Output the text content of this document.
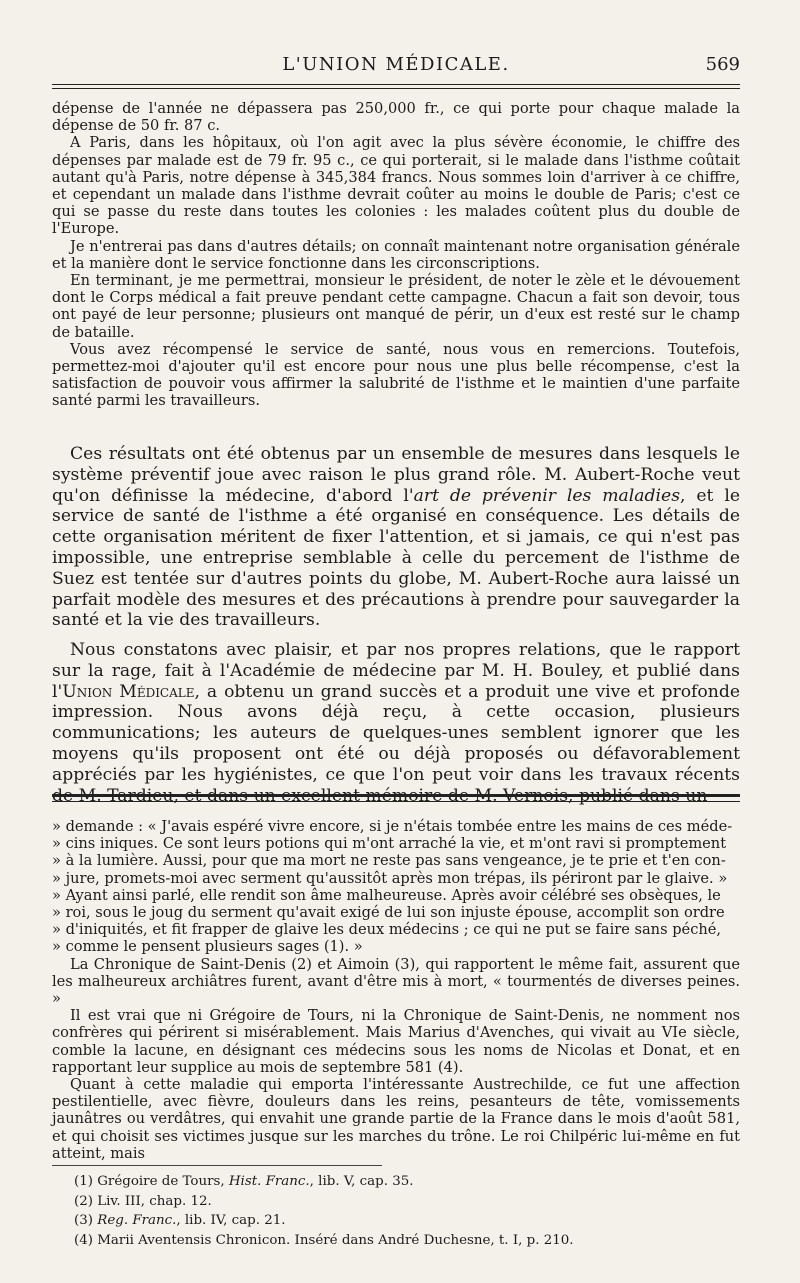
L'UNION MÉDICALE.	569

dépense de l'année ne dépassera pas 250,000 fr., ce qui porte pour chaque malade la dépense de 50 fr. 87 c.

A Paris, dans les hôpitaux, où l'on agit avec la plus sévère économie, le chiffre des dépenses par malade est de 79 fr. 95 c., ce qui porterait, si le malade dans l'isthme coûtait autant qu'à Paris, notre dépense à 345,384 francs. Nous sommes loin d'arriver à ce chiffre, et cependant un malade dans l'isthme devrait coûter au moins le double de Paris; c'est ce qui se passe du reste dans toutes les colonies : les malades coûtent plus du double de l'Europe.

Je n'entrerai pas dans d'autres détails; on connaît maintenant notre organisation générale et la manière dont le service fonctionne dans les circonscriptions.

En terminant, je me permettrai, monsieur le président, de noter le zèle et le dévouement dont le Corps médical a fait preuve pendant cette campagne. Chacun a fait son devoir, tous ont payé de leur personne; plusieurs ont manqué de périr, un d'eux est resté sur le champ de bataille.

Vous avez récompensé le service de santé, nous vous en remercions. Toutefois, permettez-moi d'ajouter qu'il est encore pour nous une plus belle récompense, c'est la satisfaction de pouvoir vous affirmer la salubrité de l'isthme et le maintien d'une parfaite santé parmi les travailleurs.

Ces résultats ont été obtenus par un ensemble de mesures dans lesquels le système préventif joue avec raison le plus grand rôle. M. Aubert-Roche veut qu'on définisse la médecine, d'abord l'art de prévenir les maladies, et le service de santé de l'isthme a été organisé en conséquence. Les détails de cette organisation méritent de fixer l'attention, et si jamais, ce qui n'est pas impossible, une entreprise semblable à celle du percement de l'isthme de Suez est tentée sur d'autres points du globe, M. Aubert-Roche aura laissé un parfait modèle des mesures et des précautions à prendre pour sauvegarder la santé et la vie des travailleurs.

Nous constatons avec plaisir, et par nos propres relations, que le rapport sur la rage, fait à l'Académie de médecine par M. H. Bouley, et publié dans l'Union Médicale, a obtenu un grand succès et a produit une vive et profonde impression. Nous avons déjà reçu, à cette occasion, plusieurs communications; les auteurs de quelques-unes semblent ignorer que les moyens qu'ils proposent ont été ou déjà proposés ou défavorablement appréciés par les hygiénistes, ce que l'on peut voir dans les travaux récents

» demande : « J'avais espéré vivre encore, si je n'étais tombée entre les mains de ces méde-

» cins iniques. Ce sont leurs potions qui m'ont arraché la vie, et m'ont ravi si promptement

» à la lumière. Aussi, pour que ma mort ne reste pas sans vengeance, je te prie et t'en con-

» jure, promets-moi avec serment qu'aussitôt après mon trépas, ils périront par le glaive. »

» Ayant ainsi parlé, elle rendit son âme malheureuse. Après avoir célébré ses obsèques, le

» roi, sous le joug du serment qu'avait exigé de lui son injuste épouse, accomplit son ordre

» d'iniquités, et fit frapper de glaive les deux médecins ; ce qui ne put se faire sans péché,

» comme le pensent plusieurs sages (1). »

La Chronique de Saint-Denis (2) et Aimoin (3), qui rapportent le même fait, assurent que les malheureux archiâtres furent, avant d'être mis à mort, « tourmentés de diverses peines. »

Il est vrai que ni Grégoire de Tours, ni la Chronique de Saint-Denis, ne nomment nos confrères qui périrent si misérablement. Mais Marius d'Avenches, qui vivait au VIe siècle, comble la lacune, en désignant ces médecins sous les noms de Nicolas et Donat, et en rapportant leur supplice au mois de septembre 581 (4).

Quant à cette maladie qui emporta l'intéressante Austrechilde, ce fut une affection pestilentielle, avec fièvre, douleurs dans les reins, pesanteurs de tête, vomissements jaunâtres ou verdâtres, qui envahit une grande partie de la France dans le mois d'août 581, et qui choisit ses victimes jusque sur les marches du trône. Le roi Chilpéric lui-même en fut atteint, mais

(1) Grégoire de Tours, Hist. Franc., lib. V, cap. 35.
(2) Liv. III, chap. 12.
(3) Reg. Franc., lib. IV, cap. 21.
(4) Marii Aventensis Chronicon. Inséré dans André Duchesne, t. I, p. 210.
